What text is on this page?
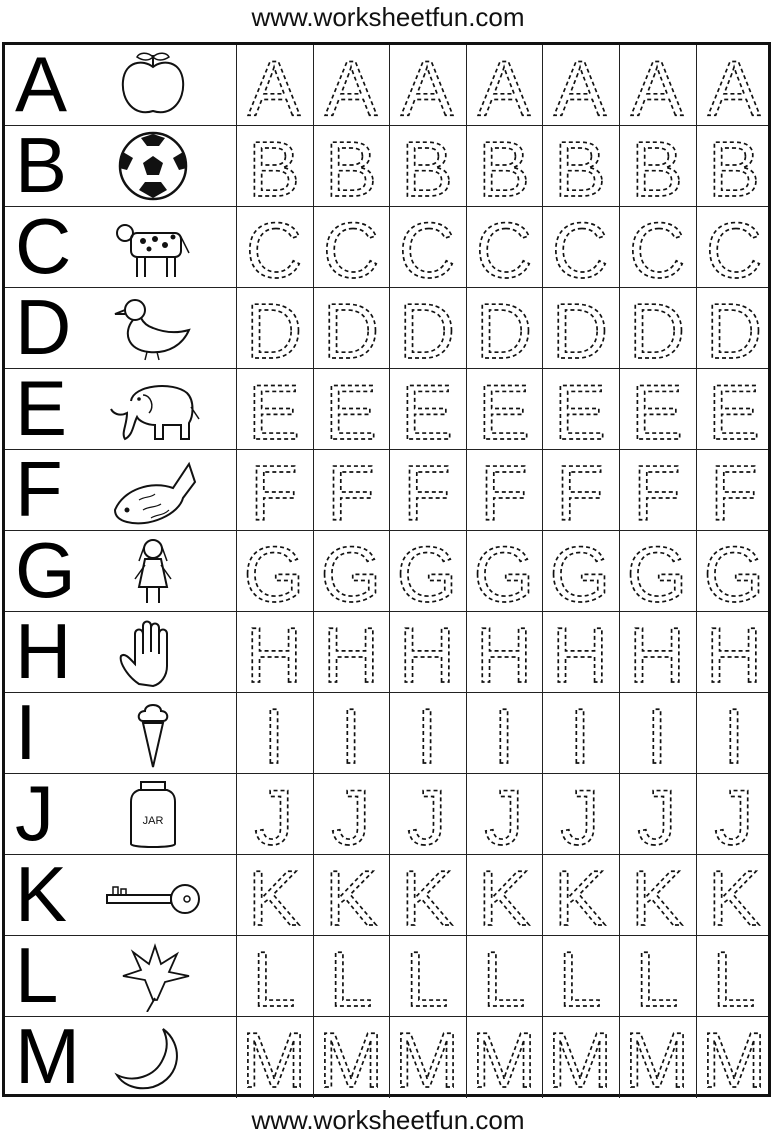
www.worksheetfun.com
A A A A A A A A
B B B B B B B B
C C C C C C C C
D D D D D D D D
E E E E E E E E
F F F F F F F F
G G G G G G G G
H H H H H H H H
I	I I I I I I I
J	JAR J J J J J J J
K K K K K K K K
L L L L L L L L
M M M M M M M M
www.worksheetfun.com
